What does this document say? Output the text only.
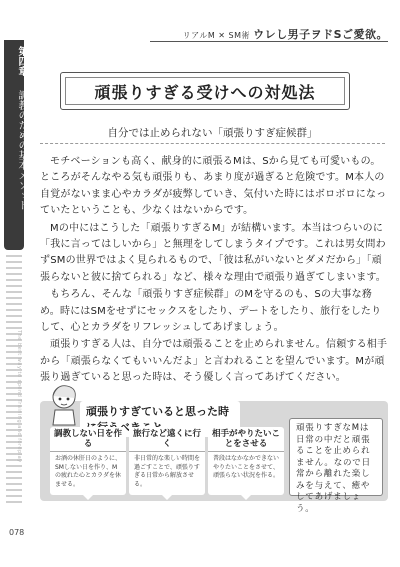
第四章
調教のための基本メソッド
The best way to spend Training and foreplay
078
リアルM ✕ SM術 ウレし男子ヲドSご愛欲。
頑張りすぎる受けへの対処法
自分では止められない「頑張りすぎ症候群」

モチベーションも高く、献身的に頑張るMは、Sから見ても可愛いもの。ところがそんなやる気も頑張りも、あまり度が過ぎると危険です。M本人の自覚がないまま心やカラダが疲弊していき、気付いた時にはボロボロになっていたということも、少なくはないからです。

Mの中にはこうした「頑張りすぎるM」が結構います。本当はつらいのに「我に言ってはしいから」と無理をしてしまうタイプです。これは男女問わずSMの世界ではよく見られるもので、「彼は私がいないとダメだから」「頑張らないと彼に捨てられる」など、様々な理由で頑張り過ぎてしまいます。

もちろん、そんな「頑張りすぎ症候群」のMを守るのも、Sの大事な務め。時にはSMをせずにセックスをしたり、デートをしたり、旅行をしたりして、心とカラダをリフレッシュしてあげましょう。

頑張りすぎる人は、自分では頑張ることを止められません。信頼する相手から「頑張らなくてもいいんだよ」と言われることを望んでいます。Mが頑張り過ぎていると思った時は、そう優しく言ってあげてください。

頑張りすぎていると思った時
調教しない日を作る
お酒の休肝日のように、SMしない日を作り、Mの疲れた心とカラダを休ませる。
旅行など遠くに行く
非日常的な楽しい時間を過ごすことで、頑張りすぎる日常から解放させる。
相手がやりたいことをさせる
普段はなかなかできないやりたいことをさせて、頑張らない状況を作る。
頑張りすぎなMは日常の中だと頑張ることを止められません。なので日常から離れた楽しみを与えて、癒やしてあげましょう。
